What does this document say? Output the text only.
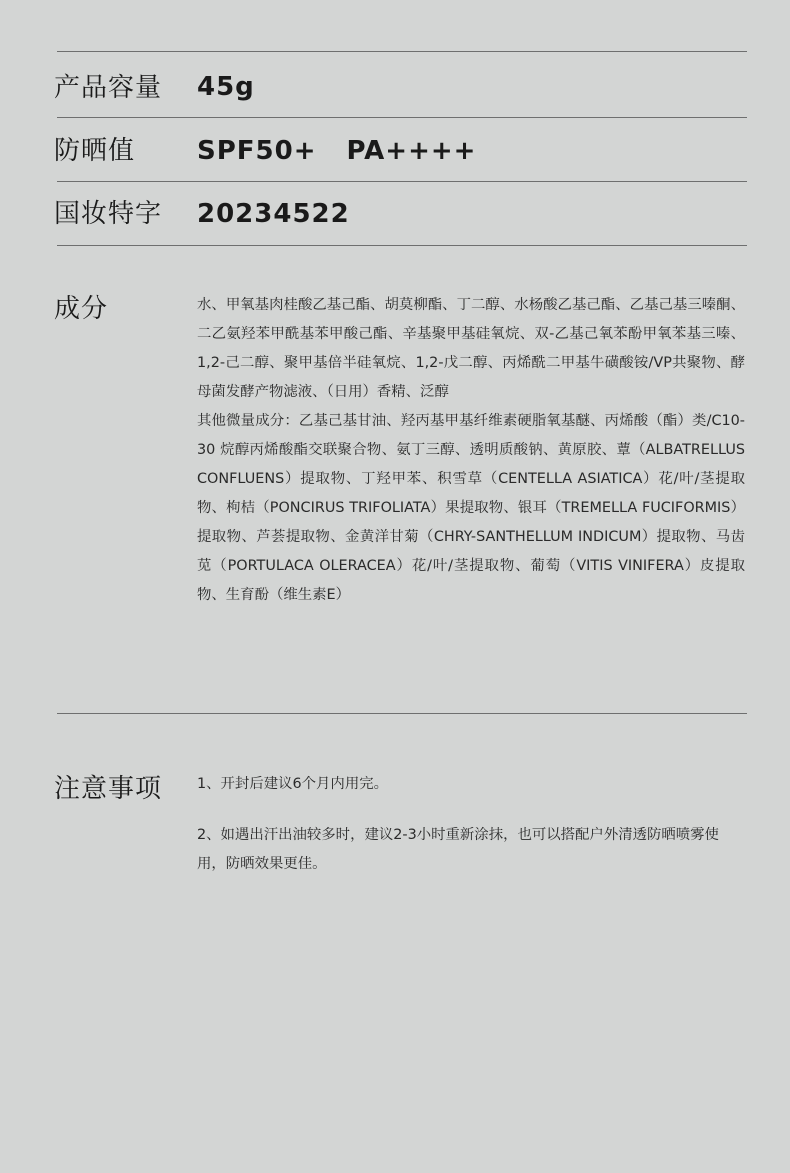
产品容量 45g
防晒值 SPF50+ PA++++
国妆特字 20234522
成分	水、甲氧基肉桂酸乙基己酯、胡莫柳酯、丁二醇、水杨酸乙基己酯、乙基己基三嗪酮、二乙氨羟苯甲酰基苯甲酸己酯、辛基聚甲基硅氧烷、双-乙基己氧苯酚甲氧苯基三嗪、1,2-己二醇、聚甲基倍半硅氧烷、1,2-戊二醇、丙烯酰二甲基牛磺酸铵/VP共聚物、酵母菌发酵产物滤液、（日用）香精、泛醇

其他微量成分：乙基己基甘油、羟丙基甲基纤维素硬脂氧基醚、丙烯酸（酯）类/C10-30 烷醇丙烯酸酯交联聚合物、氨丁三醇、透明质酸钠、黄原胶、蕈（ALBATRELLUS CONFLUENS）提取物、丁羟甲苯、积雪草（CENTELLA ASIATICA）花/叶/茎提取物、枸桔（PONCIRUS TRIFOLIATA）果提取物、银耳（TREMELLA FUCIFORMIS）提取物、芦荟提取物、金黄洋甘菊（CHRY-SANTHELLUM INDICUM）提取物、马齿苋（PORTULACA OLERACEA）花/叶/茎提取物、葡萄（VITIS VINIFERA）皮提取物、生育酚（维生素E）

注意事项 1、开封后建议6个月内用完。
2、如遇出汗出油较多时，建议2-3小时重新涂抹，也可以搭配户外清透防晒喷雾使用，防晒效果更佳。
